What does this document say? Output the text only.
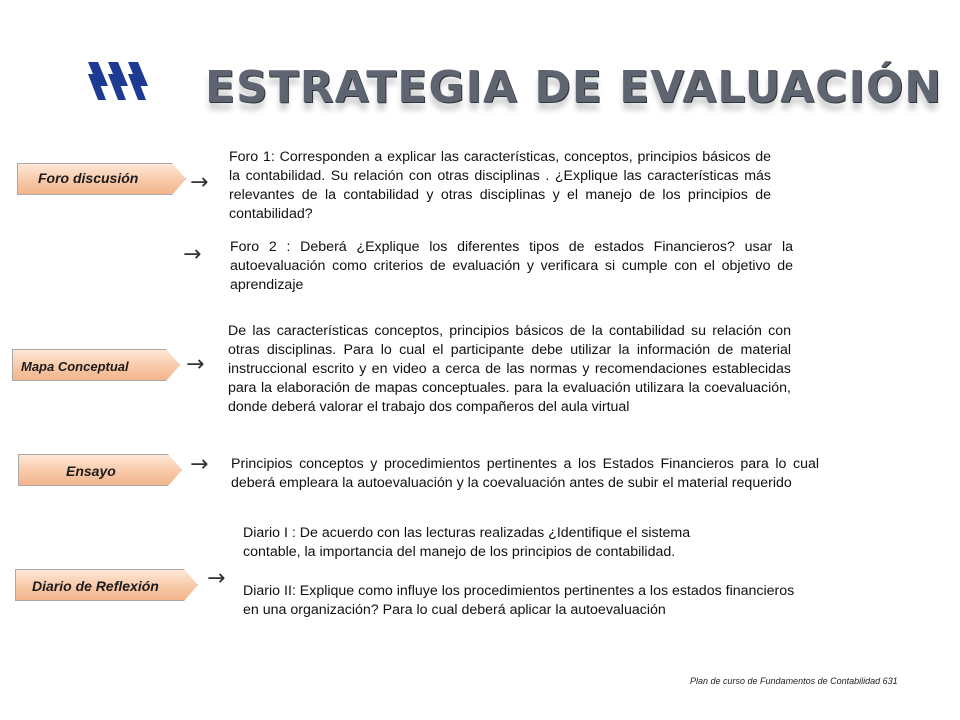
ESTRATEGIA DE EVALUACIÓN
Foro discusión →
Foro 1: Corresponden a explicar las características, conceptos, principios básicos de la contabilidad. Su relación con otras disciplinas . ¿Explique las características más relevantes de la contabilidad y otras disciplinas y el manejo de los principios de contabilidad?
→ Foro 2 : Deberá ¿Explique los diferentes tipos de estados Financieros? usar la autoevaluación como criterios de evaluación y verificara si cumple con el objetivo de aprendizaje
Mapa Conceptual	→
De las características conceptos, principios básicos de la contabilidad su relación con otras disciplinas. Para lo cual el participante debe utilizar la información de material instruccional escrito y en video a cerca de las normas y recomendaciones establecidas para la elaboración de mapas conceptuales. para la evaluación utilizara la coevaluación, donde deberá valorar el trabajo dos compañeros del aula virtual
Ensayo	→ Principios conceptos y procedimientos pertinentes a los Estados Financieros para lo cual deberá empleara la autoevaluación y la coevaluación antes de subir el material requerido
Diario de Reflexión →
Diario I : De acuerdo con las lecturas realizadas ¿Identifique el sistema contable, la importancia del manejo de los principios de contabilidad.
Diario II: Explique como influye los procedimientos pertinentes a los estados financieros en una organización? Para lo cual deberá aplicar la autoevaluación
Plan de curso de Fundamentos de Contabilidad 631
